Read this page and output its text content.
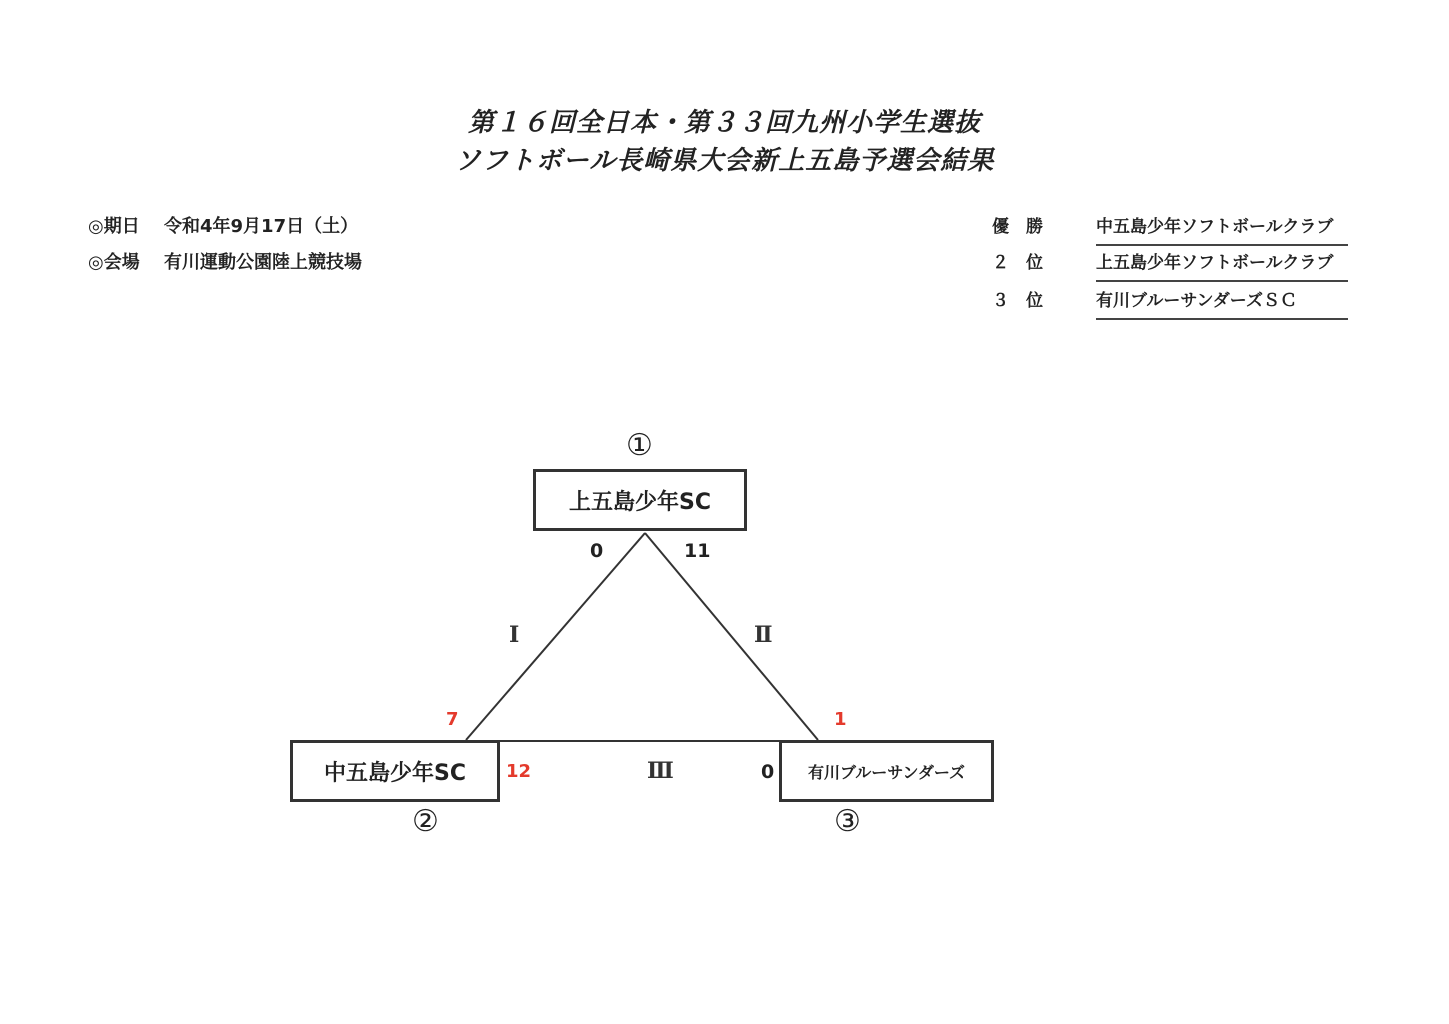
第１６回全日本・第３３回九州小学生選抜
ソフトボール長崎県大会新上五島予選会結果
◎期日 令和4年9月17日（土）
◎会場 有川運動公園陸上競技場
優　勝	中五島少年ソフトボールクラブ
２　位	上五島少年ソフトボールクラブ
３　位	有川ブルーサンダーズＳＣ
①
上五島少年SC
中五島少年SC
②
有川ブルーサンダーズ
③
0	11
7
12
1
0
Ⅰ	Ⅱ
Ⅲ
